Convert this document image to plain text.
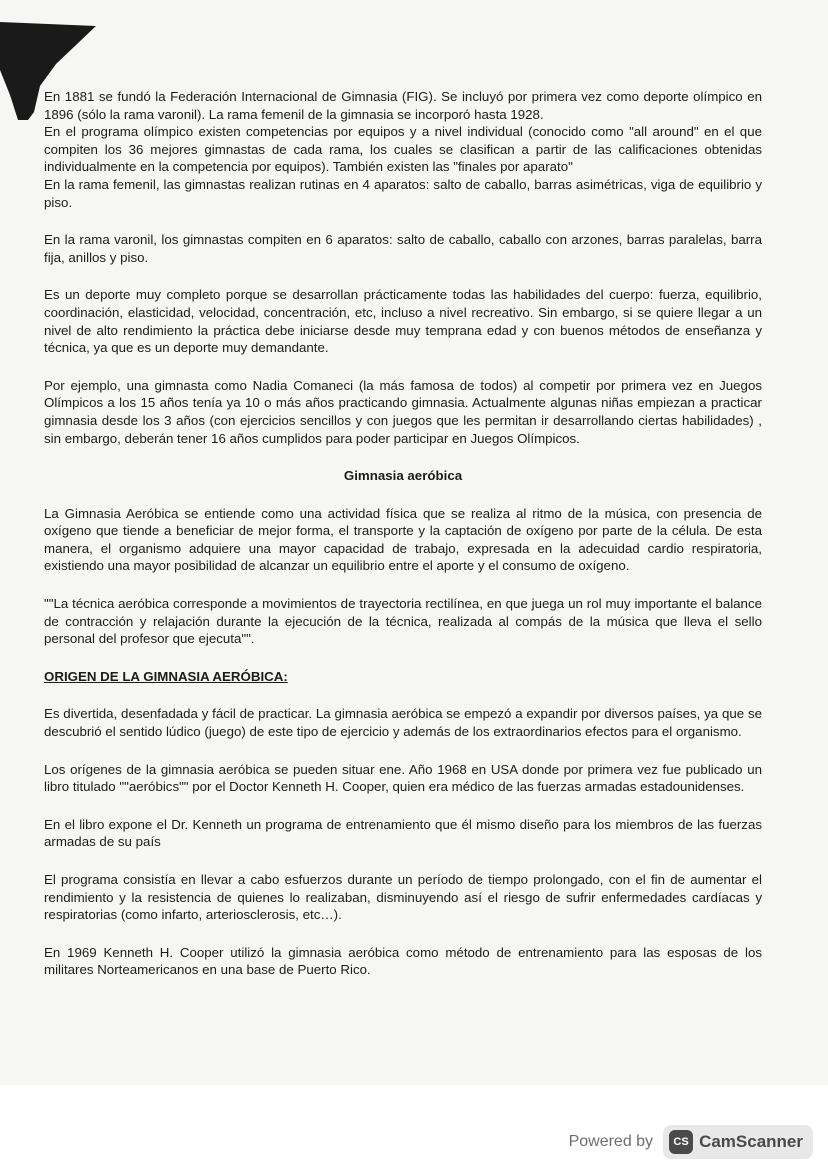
En 1881 se fundó la Federación Internacional de Gimnasia (FIG). Se incluyó por primera vez como deporte olímpico en 1896 (sólo la rama varonil). La rama femenil de la gimnasia se incorporó hasta 1928.

En el programa olímpico existen competencias por equipos y a nivel individual (conocido como "all around" en el que compiten los 36 mejores gimnastas de cada rama, los cuales se clasifican a partir de las calificaciones obtenidas individualmente en la competencia por equipos). También existen las "finales por aparato"

En la rama femenil, las gimnastas realizan rutinas en 4 aparatos: salto de caballo, barras asimétricas, viga de equilibrio y piso.

En la rama varonil, los gimnastas compiten en 6 aparatos: salto de caballo, caballo con arzones, barras paralelas, barra fija, anillos y piso.

Es un deporte muy completo porque se desarrollan prácticamente todas las habilidades del cuerpo: fuerza, equilibrio, coordinación, elasticidad, velocidad, concentración, etc, incluso a nivel recreativo. Sin embargo, si se quiere llegar a un nivel de alto rendimiento la práctica debe iniciarse desde muy temprana edad y con buenos métodos de enseñanza y técnica, ya que es un deporte muy demandante.

Por ejemplo, una gimnasta como Nadia Comaneci (la más famosa de todos) al competir por primera vez en Juegos Olímpicos a los 15 años tenía ya 10 o más años practicando gimnasia. Actualmente algunas niñas empiezan a practicar gimnasia desde los 3 años (con ejercicios sencillos y con juegos que les permitan ir desarrollando ciertas habilidades) , sin embargo, deberán tener 16 años cumplidos para poder participar en Juegos Olímpicos.

Gimnasia aeróbica

La Gimnasia Aeróbica se entiende como una actividad física que se realiza al ritmo de la música, con presencia de oxígeno que tiende a beneficiar de mejor forma, el transporte y la captación de oxígeno por parte de la célula. De esta manera, el organismo adquiere una mayor capacidad de trabajo, expresada en la adecuidad cardio respiratoria, existiendo una mayor posibilidad de alcanzar un equilibrio entre el aporte y el consumo de oxígeno.

""La técnica aeróbica corresponde a movimientos de trayectoria rectilínea, en que juega un rol muy importante el balance de contracción y relajación durante la ejecución de la técnica, realizada al compás de la música que lleva el sello personal del profesor que ejecuta"".

ORIGEN DE LA GIMNASIA AERÓBICA:

Es divertida, desenfadada y fácil de practicar. La gimnasia aeróbica se empezó a expandir por diversos países, ya que se descubrió el sentido lúdico (juego) de este tipo de ejercicio y además de los extraordinarios efectos para el organismo.

Los orígenes de la gimnasia aeróbica se pueden situar ene. Año 1968 en USA donde por primera vez fue publicado un libro titulado ""aeróbics"" por el Doctor Kenneth H. Cooper, quien era médico de las fuerzas armadas estadounidenses.

En el libro expone el Dr. Kenneth un programa de entrenamiento que él mismo diseño para los miembros de las fuerzas armadas de su país

El programa consistía en llevar a cabo esfuerzos durante un período de tiempo prolongado, con el fin de aumentar el rendimiento y la resistencia de quienes lo realizaban, disminuyendo así el riesgo de sufrir enfermedades cardíacas y respiratorias (como infarto, arteriosclerosis, etc…).

En 1969 Kenneth H. Cooper utilizó la gimnasia aeróbica como método de entrenamiento para las esposas de los militares Norteamericanos en una base de Puerto Rico.

Powered by CS CamScanner
